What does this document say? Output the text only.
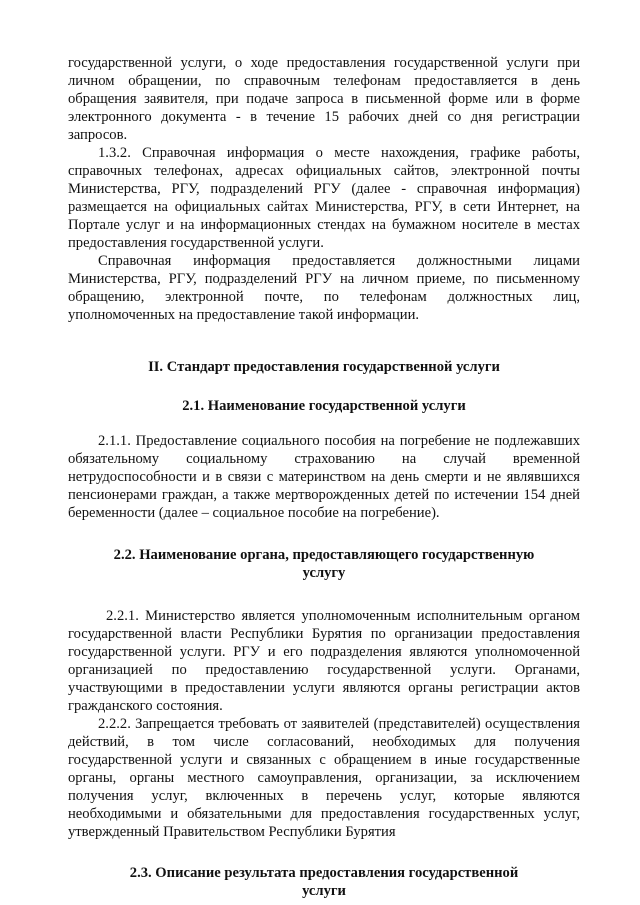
государственной услуги, о ходе предоставления государственной услуги при
личном обращении, по справочным телефонам предоставляется в день
обращения заявителя, при подаче запроса в письменной форме или в форме
электронного документа - в течение 15 рабочих дней со дня регистрации
запросов.

1.3.2. Справочная информация о месте нахождения, графике работы,
справочных телефонах, адресах официальных сайтов, электронной почты
Министерства, РГУ, подразделений РГУ (далее - справочная информация)
размещается на официальных сайтах Министерства, РГУ, в сети Интернет, на
Портале услуг и на информационных стендах на бумажном носителе в местах
предоставления государственной услуги.

Справочная информация предоставляется должностными лицами
Министерства, РГУ, подразделений РГУ на личном приеме, по письменному
обращению, электронной почте, по телефонам должностных лиц,
уполномоченных на предоставление такой информации.

II. Стандарт предоставления государственной услуги
2.1. Наименование государственной услуги

2.1.1. Предоставление социального пособия на погребение не подлежавших
обязательному социальному страхованию на случай временной
нетрудоспособности и в связи с материнством на день смерти и не являвшихся
пенсионерами граждан, а также мертворожденных детей по истечении 154 дней
беременности (далее – социальное пособие на погребение).

2.2. Наименование органа, предоставляющего государственную
услугу

2.2.1. Министерство является уполномоченным исполнительным органом
государственной власти Республики Бурятия по организации предоставления
государственной услуги. РГУ и его подразделения являются уполномоченной
организацией по предоставлению государственной услуги. Органами,
участвующими в предоставлении услуги являются органы регистрации актов
гражданского состояния.

2.2.2. Запрещается требовать от заявителей (представителей) осуществления
действий, в том числе согласований, необходимых для получения
государственной услуги и связанных с обращением в иные государственные
органы, органы местного самоуправления, организации, за исключением
получения услуг, включенных в перечень услуг, которые являются
необходимыми и обязательными для предоставления государственных услуг,
утвержденный Правительством Республики Бурятия

2.3. Описание результата предоставления государственной
услуги
